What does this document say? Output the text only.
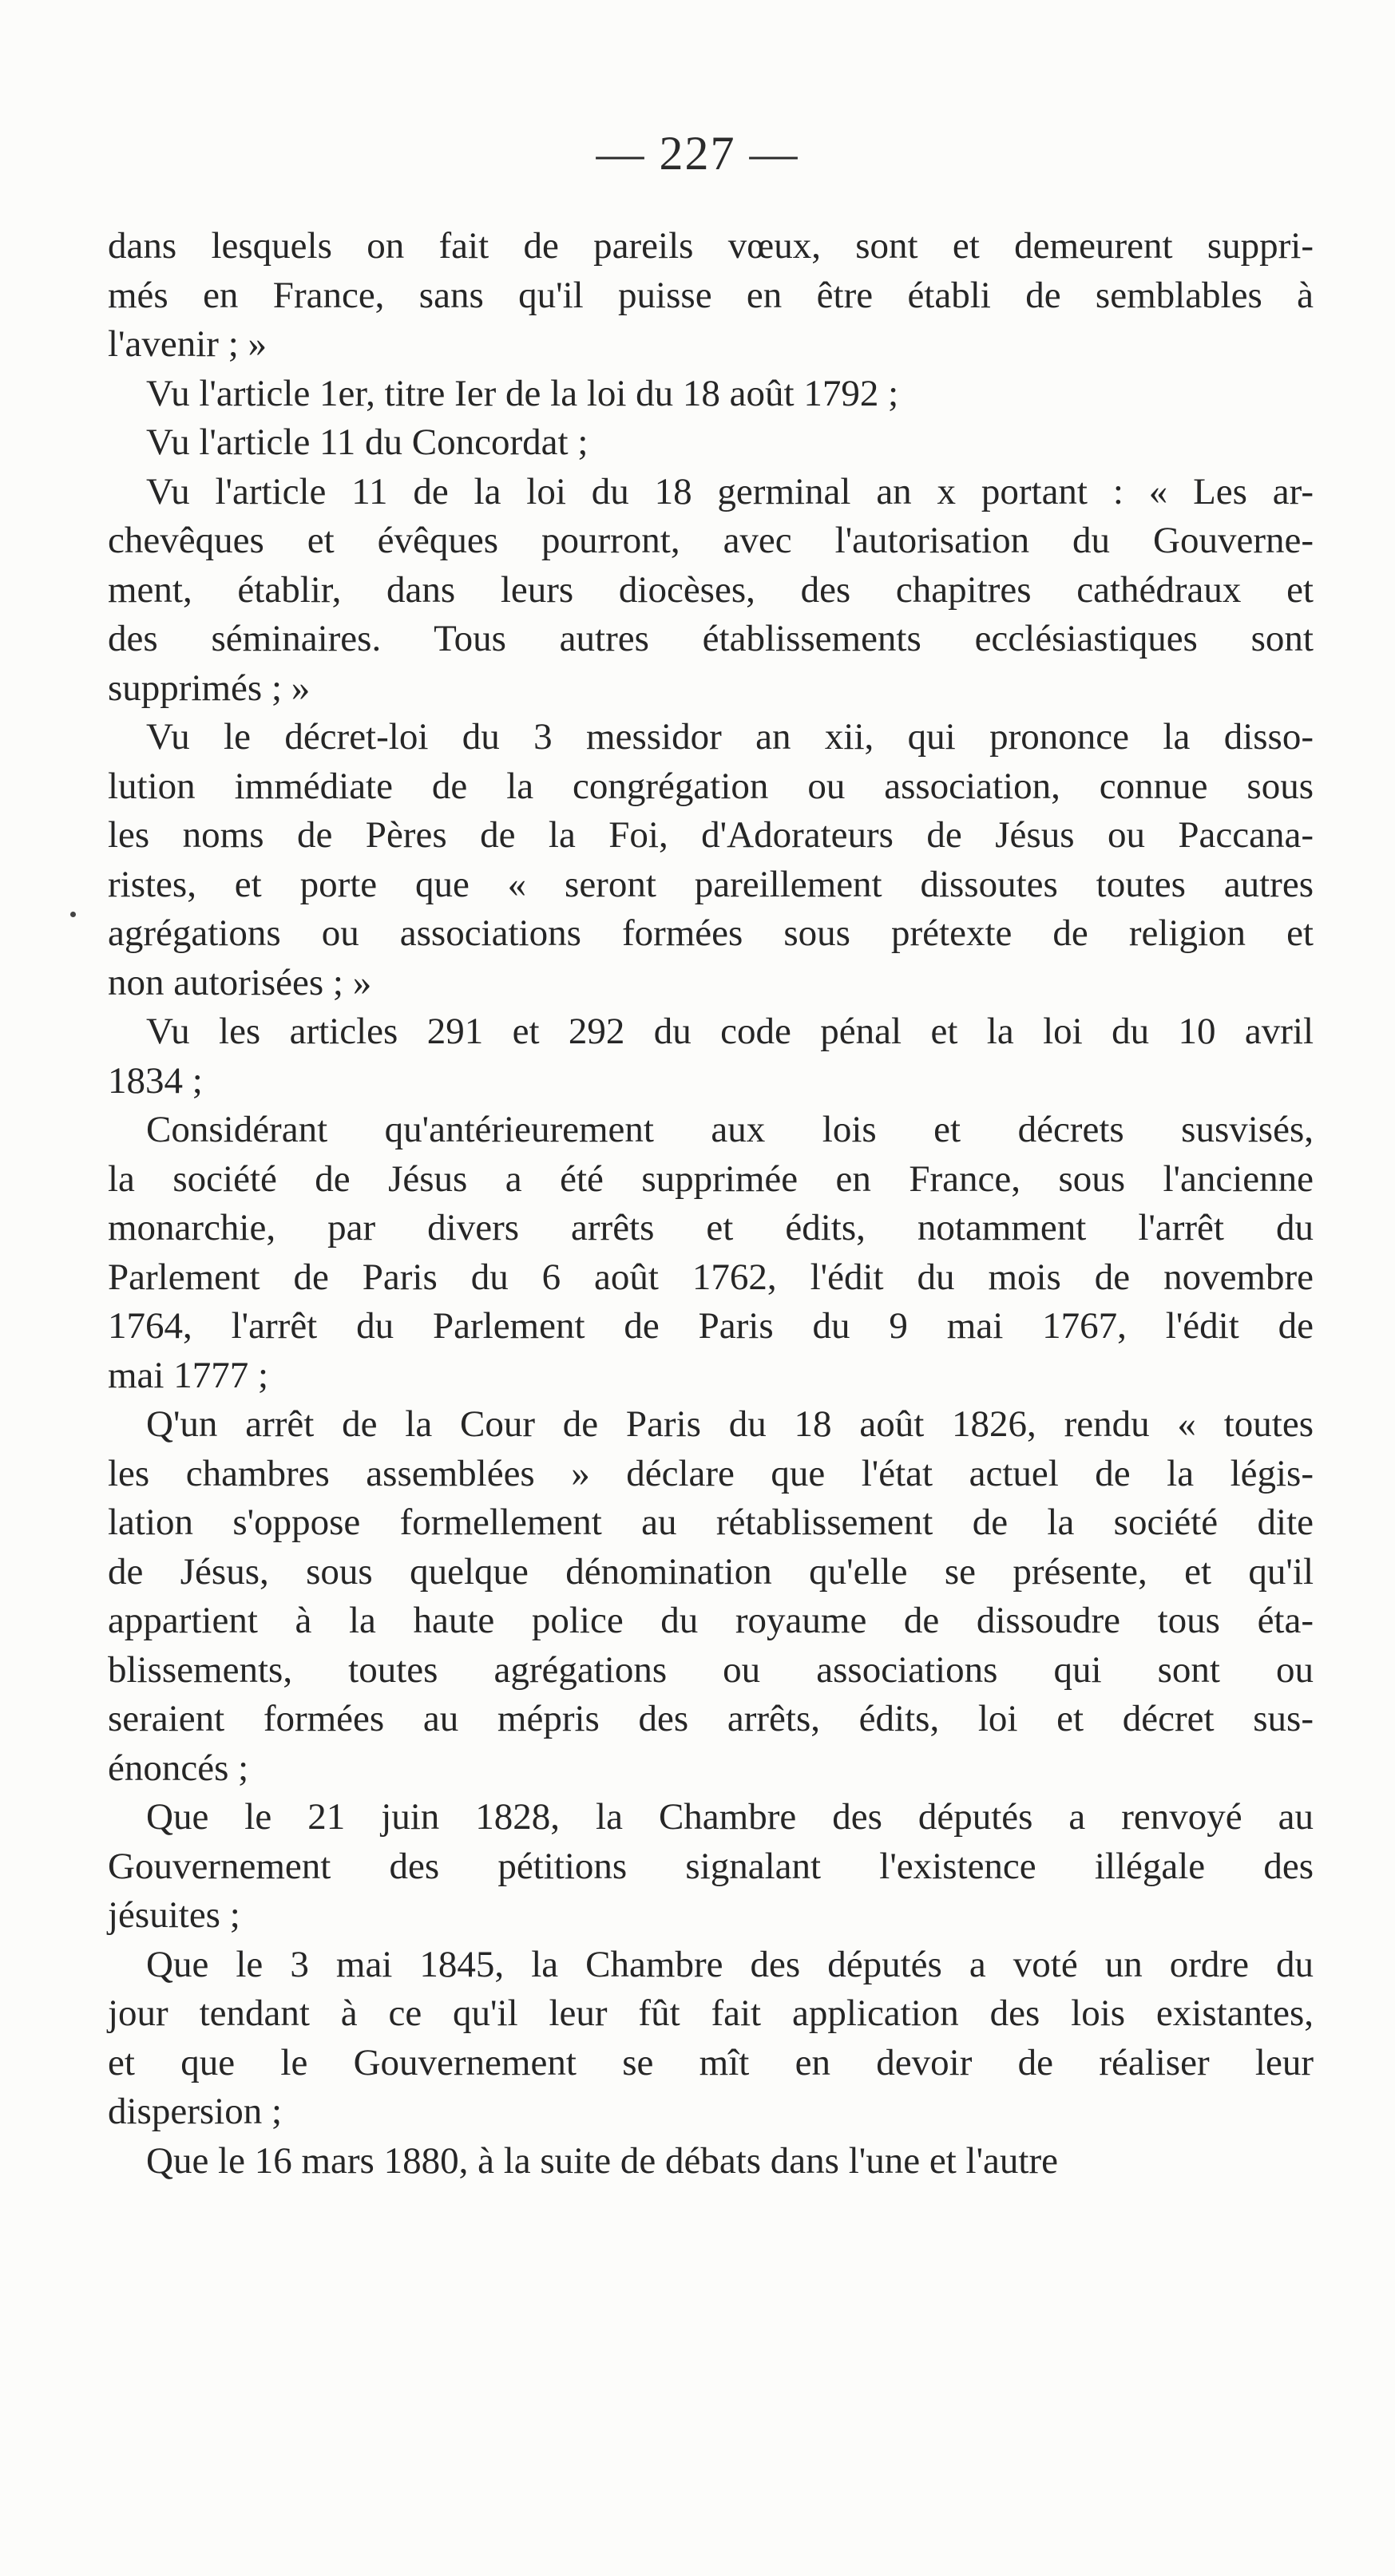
— 227 —

dans lesquels on fait de pareils vœux, sont et demeurent suppri-
més en France, sans qu'il puisse en être établi de semblables à
l'avenir ; »

Vu l'article 1er, titre Ier de la loi du 18 août 1792 ;

Vu l'article 11 du Concordat ;

Vu l'article 11 de la loi du 18 germinal an x portant : « Les ar-
chevêques et évêques pourront, avec l'autorisation du Gouverne-
ment, établir, dans leurs diocèses, des chapitres cathédraux et
des séminaires. Tous autres établissements ecclésiastiques sont
supprimés ; »

Vu le décret-loi du 3 messidor an xii, qui prononce la disso-
lution immédiate de la congrégation ou association, connue sous
les noms de Pères de la Foi, d'Adorateurs de Jésus ou Paccana-
ristes, et porte que « seront pareillement dissoutes toutes autres
agrégations ou associations formées sous prétexte de religion et
non autorisées ; »

Vu les articles 291 et 292 du code pénal et la loi du 10 avril
1834 ;

Considérant qu'antérieurement aux lois et décrets susvisés,
la société de Jésus a été supprimée en France, sous l'ancienne
monarchie, par divers arrêts et édits, notamment l'arrêt du
Parlement de Paris du 6 août 1762, l'édit du mois de novembre
1764, l'arrêt du Parlement de Paris du 9 mai 1767, l'édit de
mai 1777 ;

Q'un arrêt de la Cour de Paris du 18 août 1826, rendu « toutes
les chambres assemblées » déclare que l'état actuel de la légis-
lation s'oppose formellement au rétablissement de la société dite
de Jésus, sous quelque dénomination qu'elle se présente, et qu'il
appartient à la haute police du royaume de dissoudre tous éta-
blissements, toutes agrégations ou associations qui sont ou
seraient formées au mépris des arrêts, édits, loi et décret sus-
énoncés ;

Que le 21 juin 1828, la Chambre des députés a renvoyé au
Gouvernement des pétitions signalant l'existence illégale des
jésuites ;

Que le 3 mai 1845, la Chambre des députés a voté un ordre du
jour tendant à ce qu'il leur fût fait application des lois existantes,
et que le Gouvernement se mît en devoir de réaliser leur
dispersion ;

Que le 16 mars 1880, à la suite de débats dans l'une et l'autre
